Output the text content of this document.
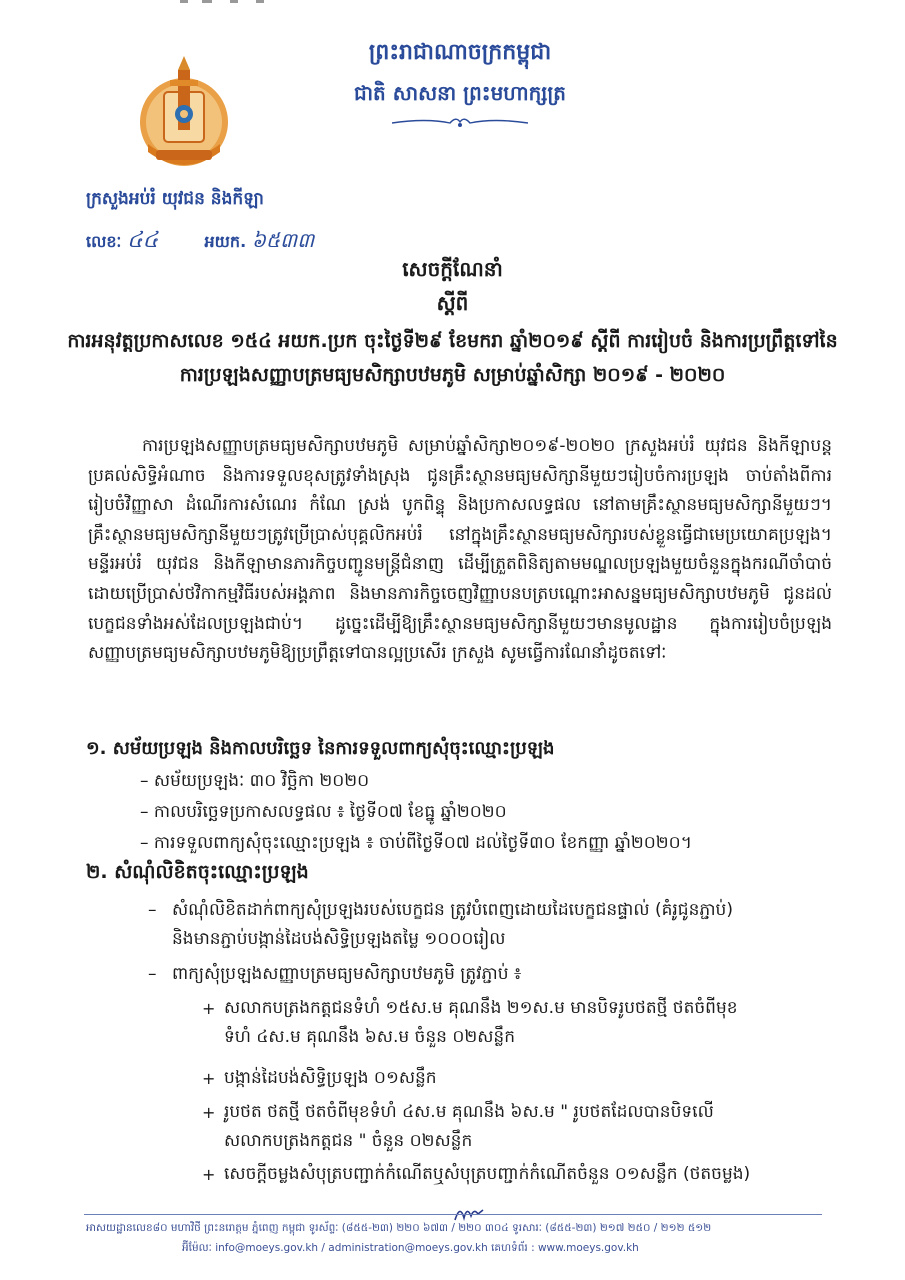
ព្រះរាជាណាចក្រកម្ពុជា
ជាតិ សាសនា ព្រះមហាក្សត្រ
ក្រសួងអប់រំ យុវជន និងកីឡា
លេខៈ ៤៤	អយក. ៦៥៣៣
សេចក្តីណែនាំ
ស្តីពី
ការអនុវត្តប្រកាសលេខ ១៥៤ អយក.ប្រក ចុះថ្ងៃទី២៩ ខែមករា ឆ្នាំ២០១៩ ស្តីពី ការរៀបចំ និងការប្រព្រឹត្តទៅនៃការប្រឡងសញ្ញាបត្រមធ្យមសិក្សាបឋមភូមិ សម្រាប់ឆ្នាំសិក្សា ២០១៩ - ២០២០
ការប្រឡងសញ្ញាបត្រមធ្យមសិក្សាបឋមភូមិ សម្រាប់ឆ្នាំសិក្សា២០១៩-២០២០ ក្រសួងអប់រំ យុវជន និងកីឡាបន្តប្រគល់សិទ្ធិអំណាច និងការទទួលខុសត្រូវទាំងស្រុង ជូនគ្រឹះស្ថានមធ្យមសិក្សានីមួយៗរៀបចំការប្រឡង ចាប់តាំងពីការរៀបចំវិញ្ញាសា ដំណើរការសំណេរ កំណែ ស្រង់ បូកពិន្ទុ និងប្រកាសលទ្ធផល នៅតាមគ្រឹះស្ថានមធ្យមសិក្សានីមួយៗ។ គ្រឹះស្ថានមធ្យមសិក្សានីមួយៗត្រូវប្រើប្រាស់បុគ្គលិកអប់រំ នៅក្នុងគ្រឹះស្ថានមធ្យមសិក្សារបស់ខ្លួនធ្វើជាមេប្រយោគប្រឡង។ មន្ទីរអប់រំ យុវជន និងកីឡាមានភារកិច្ចបញ្ជូនមន្ត្រីជំនាញ ដើម្បីត្រួតពិនិត្យតាមមណ្ឌលប្រឡងមួយចំនួនក្នុងករណីចាំបាច់ ដោយប្រើប្រាស់ថវិកាកម្មវិធីរបស់អង្គភាព និងមានភារកិច្ចចេញវិញ្ញាបនបត្របណ្តោះអាសន្នមធ្យមសិក្សាបឋមភូមិ ជូនដល់បេក្ខជនទាំងអស់ដែលប្រឡងជាប់។ ដូច្នេះដើម្បីឱ្យគ្រឹះស្ថានមធ្យមសិក្សានីមួយៗមានមូលដ្ឋាន ក្នុងការរៀបចំប្រឡងសញ្ញាបត្រមធ្យមសិក្សាបឋមភូមិឱ្យប្រព្រឹត្តទៅបានល្អប្រសើរ ក្រសួង សូមធ្វើការណែនាំដូចតទៅៈ
១. សម័យប្រឡង និងកាលបរិច្ឆេទ នៃការទទួលពាក្យសុំចុះឈ្មោះប្រឡង
– សម័យប្រឡងៈ ៣០ វិច្ឆិកា ២០២០
– កាលបរិច្ឆេទប្រកាសលទ្ធផល ៖ ថ្ងៃទី០៧ ខែធ្នូ ឆ្នាំ២០២០
– ការទទួលពាក្យសុំចុះឈ្មោះប្រឡង ៖ ចាប់ពីថ្ងៃទី០៧ ដល់ថ្ងៃទី៣០ ខែកញ្ញា ឆ្នាំ២០២០។
២. សំណុំលិខិតចុះឈ្មោះប្រឡង
– សំណុំលិខិតដាក់ពាក្យសុំប្រឡងរបស់បេក្ខជន ត្រូវបំពេញដោយដៃបេក្ខជនផ្ទាល់ (គំរូជូនភ្ជាប់)
និងមានភ្ជាប់បង្កាន់ដៃបង់សិទ្ធិប្រឡងតម្លៃ ១០០០រៀល
– ពាក្យសុំប្រឡងសញ្ញាបត្រមធ្យមសិក្សាបឋមភូមិ ត្រូវភ្ជាប់ ៖
+ សលាកបត្រងកត្តជនទំហំ ១៥ស.ម គុណនឹង ២១ស.ម មានបិទរូបថតថ្មី ថតចំពីមុខ
ទំហំ ៤ស.ម គុណនឹង ៦ស.ម ចំនួន ០២សន្លឹក
+ បង្កាន់ដៃបង់សិទ្ធិប្រឡង ០១សន្លឹក
+ រូបថត ថតថ្មី ថតចំពីមុខទំហំ ៤ស.ម គុណនឹង ៦ស.ម " រូបថតដែលបានបិទលើ
សលាកបត្រងកត្តជន " ចំនួន ០២សន្លឹក
+ សេចក្តីចម្លងសំបុត្របញ្ជាក់កំណើតឬសំបុត្របញ្ជាក់កំណើតចំនួន ០១សន្លឹក (ថតចម្លង)
អាសយដ្ឋានលេខ៨០ មហាវិថី ព្រះនរោត្តម ភ្នំពេញ កម្ពុជា ទូរស័ព្ទៈ (៨៥៥-២៣) ២២០ ៦៧៣ / ២២០ ៣០៤ ទូរសារៈ (៨៥៥-២៣) ២១៧ ២៥០ / ២១២ ៥១២
អ៊ីម៉ែលៈ info@moeys.gov.kh / administration@moeys.gov.kh គេហទំព័រ : www.moeys.gov.kh
